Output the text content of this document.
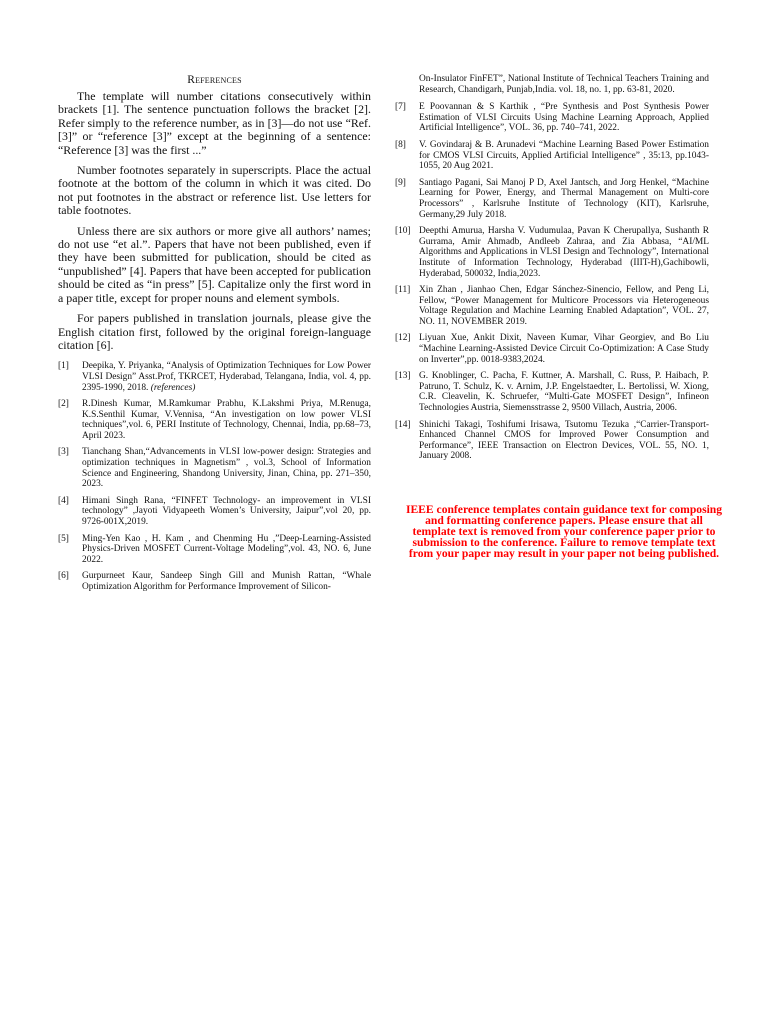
References

The template will number citations consecutively within brackets [1]. The sentence punctuation follows the bracket [2]. Refer simply to the reference number, as in [3]—do not use “Ref. [3]” or “reference [3]” except at the beginning of a sentence: “Reference [3] was the first ...”

Number footnotes separately in superscripts. Place the actual footnote at the bottom of the column in which it was cited. Do not put footnotes in the abstract or reference list. Use letters for table footnotes.

Unless there are six authors or more give all authors’ names; do not use “et al.”. Papers that have not been published, even if they have been submitted for publication, should be cited as “unpublished” [4]. Papers that have been accepted for publication should be cited as “in press” [5]. Capitalize only the first word in a paper title, except for proper nouns and element symbols.

For papers published in translation journals, please give the English citation first, followed by the original foreign-language citation [6].

[1] Deepika, Y. Priyanka, “Analysis of Optimization Techniques for Low Power VLSI Design” Asst.Prof, TKRCET, Hyderabad, Telangana, India, vol. 4, pp. 2395-1990, 2018. (references)
[2] R.Dinesh Kumar, M.Ramkumar Prabhu, K.Lakshmi Priya, M.Renuga, K.S.Senthil Kumar, V.Vennisa, “An investigation on low power VLSI techniques”,vol. 6, PERI Institute of Technology, Chennai, India, pp.68–73, April 2023.
[3] Tianchang Shan,“Advancements in VLSI low-power design: Strategies and optimization techniques in Magnetism” , vol.3, School of Information Science and Engineering, Shandong University, Jinan, China, pp. 271–350, 2023.
[4] Himani Singh Rana, “FINFET Technology- an improvement in VLSI technology” ,Jayoti Vidyapeeth Women’s University, Jaipur”,vol 20, pp. 9726-001X,2019.
[5] Ming-Yen Kao , H. Kam , and Chenming Hu ,”Deep-Learning-Assisted Physics-Driven MOSFET Current-Voltage Modeling”,vol. 43, NO. 6, June 2022.
[6] Gurpurneet Kaur, Sandeep Singh Gill and Munish Rattan, “Whale Optimization Algorithm for Performance Improvement of Silicon-
On-Insulator FinFET”, National Institute of Technical Teachers Training and Research, Chandigarh, Punjab,India. vol. 18, no. 1, pp. 63-81, 2020.
[7] E Poovannan & S Karthik , “Pre Synthesis and Post Synthesis Power Estimation of VLSI Circuits Using Machine Learning Approach, Applied Artificial Intelligence”, VOL. 36, pp. 740–741, 2022.
[8] V. Govindaraj & B. Arunadevi “Machine Learning Based Power Estimation for CMOS VLSI Circuits, Applied Artificial Intelligence” , 35:13, pp.1043-1055, 20 Aug 2021.
[9] Santiago Pagani, Sai Manoj P D, Axel Jantsch, and Jorg Henkel, “Machine Learning for Power, Energy, and Thermal Management on Multi-core Processors” , Karlsruhe Institute of Technology (KIT), Karlsruhe, Germany,29 July 2018.
[10] Deepthi Amurua, Harsha V. Vudumulaa, Pavan K Cherupallya, Sushanth R Gurrama, Amir Ahmadb, Andleeb Zahraa, and Zia Abbasa, “AI/ML Algorithms and Applications in VLSI Design and Technology”, International Institute of Information Technology, Hyderabad (IIIT-H),Gachibowli, Hyderabad, 500032, India,2023.
[11] Xin Zhan , Jianhao Chen, Edgar Sánchez-Sinencio, Fellow, and Peng Li, Fellow, “Power Management for Multicore Processors via Heterogeneous Voltage Regulation and Machine Learning Enabled Adaptation”, VOL. 27, NO. 11, NOVEMBER 2019.
[12] Liyuan Xue, Ankit Dixit, Naveen Kumar, Vihar Georgiev, and Bo Liu “Machine Learning-Assisted Device Circuit Co-Optimization: A Case Study on Inverter”,pp. 0018-9383,2024.
[13] G. Knoblinger, C. Pacha, F. Kuttner, A. Marshall, C. Russ, P. Haibach, P. Patruno, T. Schulz, K. v. Arnim, J.P. Engelstaedter, L. Bertolissi, W. Xiong, C.R. Cleavelin, K. Schruefer, “Multi-Gate MOSFET Design”, Infineon Technologies Austria, Siemensstrasse 2, 9500 Villach, Austria, 2006.
[14] Shinichi Takagi, Toshifumi Irisawa, Tsutomu Tezuka ,“Carrier-Transport-Enhanced Channel CMOS for Improved Power Consumption and Performance”, IEEE Transaction on Electron Devices, VOL. 55, NO. 1, January 2008.
IEEE conference templates contain guidance text for composing and formatting conference papers. Please ensure that all template text is removed from your conference paper prior to submission to the conference. Failure to remove template text from your paper may result in your paper not being published.
